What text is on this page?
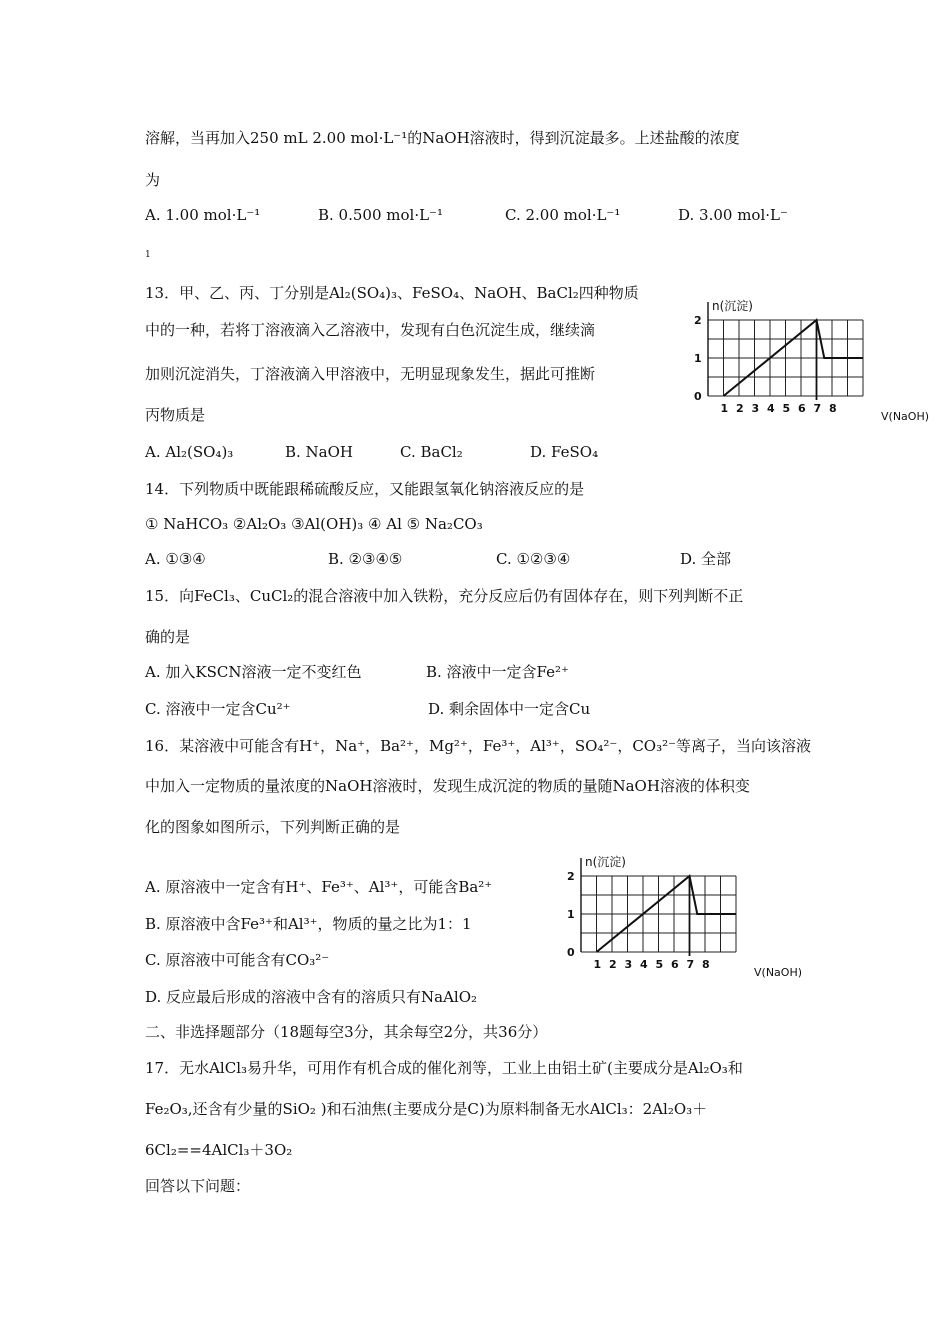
溶解，当再加入250 mL 2.00 mol·L⁻¹的NaOH溶液时，得到沉淀最多。上述盐酸的浓度
为
A. 1.00 mol·L⁻¹	B. 0.500 mol·L⁻¹	C. 2.00 mol·L⁻¹	D. 3.00 mol·L⁻
1
13．甲、乙、丙、丁分别是Al₂(SO₄)₃、FeSO₄、NaOH、BaCl₂四种物质
中的一种，若将丁溶液滴入乙溶液中，发现有白色沉淀生成，继续滴
加则沉淀消失，丁溶液滴入甲溶液中，无明显现象发生，据此可推断
丙物质是
A. Al₂(SO₄)₃	B. NaOH	C. BaCl₂	D. FeSO₄
n(沉淀)
0
1
2
1 2 3 4 5 6 7 8
V(NaOH)
14．下列物质中既能跟稀硫酸反应，又能跟氢氧化钠溶液反应的是
① NaHCO₃ ②Al₂O₃ ③Al(OH)₃ ④ Al ⑤ Na₂CO₃
A. ①③④	B. ②③④⑤	C. ①②③④	D. 全部
15．向FeCl₃、CuCl₂的混合溶液中加入铁粉，充分反应后仍有固体存在，则下列判断不正
确的是
A. 加入KSCN溶液一定不变红色	B. 溶液中一定含Fe²⁺
C. 溶液中一定含Cu²⁺	D. 剩余固体中一定含Cu
16．某溶液中可能含有H⁺，Na⁺，Ba²⁺，Mg²⁺，Fe³⁺，Al³⁺，SO₄²⁻，CO₃²⁻等离子，当向该溶液
中加入一定物质的量浓度的NaOH溶液时，发现生成沉淀的物质的量随NaOH溶液的体积变
化的图象如图所示，下列判断正确的是
A. 原溶液中一定含有H⁺、Fe³⁺、Al³⁺，可能含Ba²⁺
B. 原溶液中含Fe³⁺和Al³⁺，物质的量之比为1：1
C. 原溶液中可能含有CO₃²⁻
D. 反应最后形成的溶液中含有的溶质只有NaAlO₂
n(沉淀)
0
1
2
1 2 3 4 5 6 7 8
V(NaOH)
二、非选择题部分（18题每空3分，其余每空2分，共36分）
17．无水AlCl₃易升华，可用作有机合成的催化剂等，工业上由铝土矿(主要成分是Al₂O₃和
Fe₂O₃,还含有少量的SiO₂ )和石油焦(主要成分是C)为原料制备无水AlCl₃：2Al₂O₃＋
6Cl₂==4AlCl₃＋3O₂
回答以下问题：
